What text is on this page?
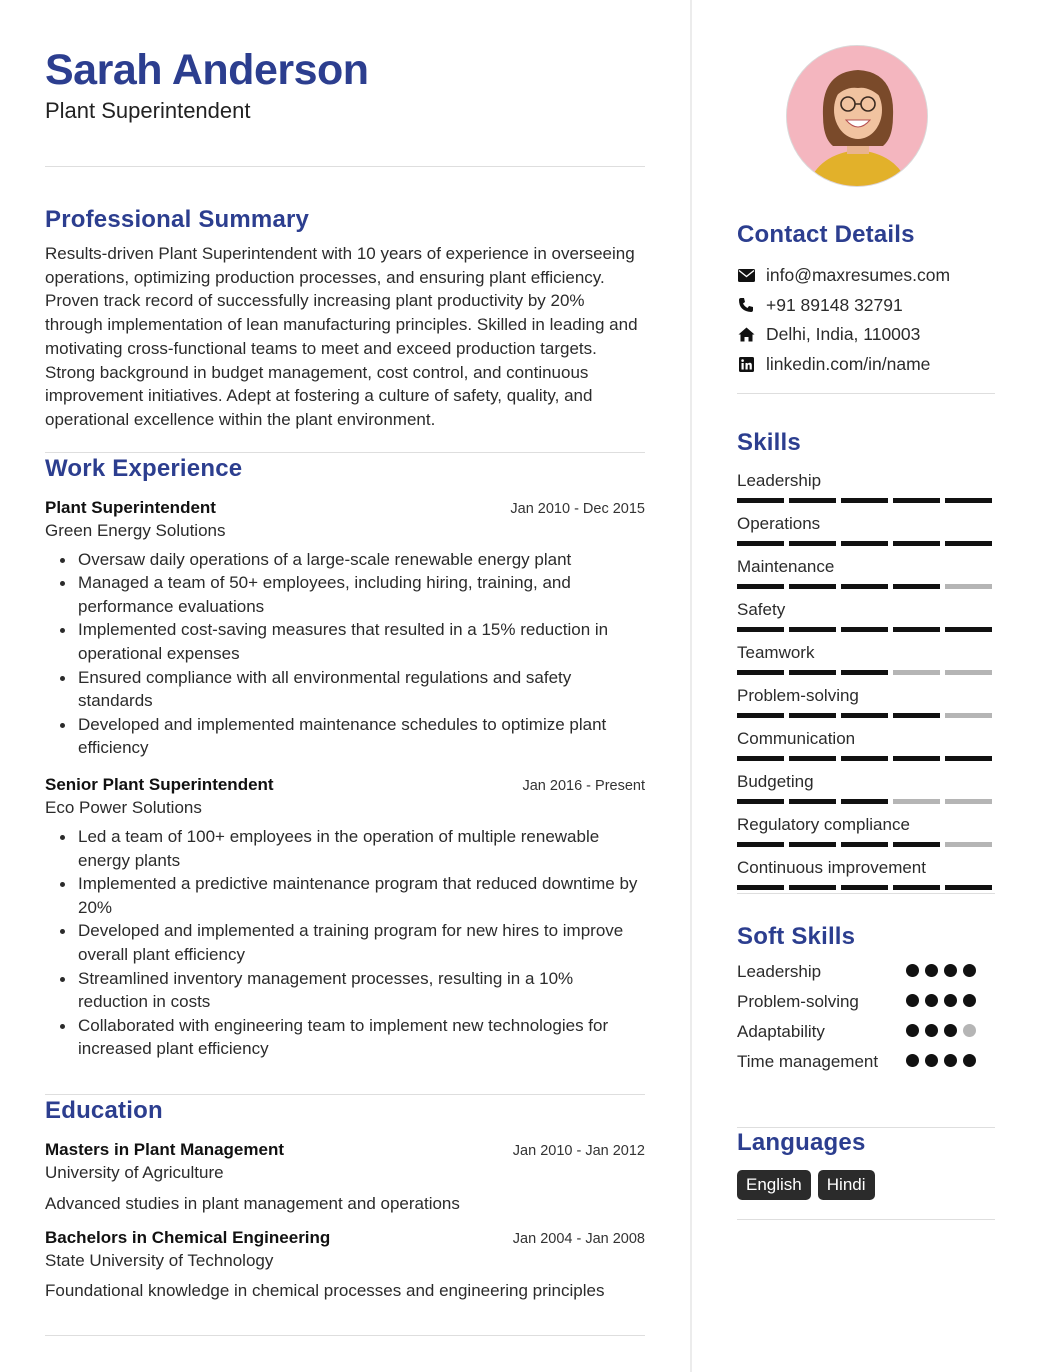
Sarah Anderson
Plant Superintendent
Professional Summary
Results-driven Plant Superintendent with 10 years of experience in overseeing operations, optimizing production processes, and ensuring plant efficiency. Proven track record of successfully increasing plant productivity by 20% through implementation of lean manufacturing principles. Skilled in leading and motivating cross-functional teams to meet and exceed production targets. Strong background in budget management, cost control, and continuous improvement initiatives. Adept at fostering a culture of safety, quality, and operational excellence within the plant environment.
Work Experience
Plant Superintendent	Jan 2010 - Dec 2015
Green Energy Solutions
Oversaw daily operations of a large-scale renewable energy plant
Managed a team of 50+ employees, including hiring, training, and performance evaluations
Implemented cost-saving measures that resulted in a 15% reduction in operational expenses
Ensured compliance with all environmental regulations and safety standards
Developed and implemented maintenance schedules to optimize plant efficiency
Senior Plant Superintendent	Jan 2016 - Present
Eco Power Solutions
Led a team of 100+ employees in the operation of multiple renewable energy plants
Implemented a predictive maintenance program that reduced downtime by 20%
Developed and implemented a training program for new hires to improve overall plant efficiency
Streamlined inventory management processes, resulting in a 10% reduction in costs
Collaborated with engineering team to implement new technologies for increased plant efficiency
Education
Masters in Plant Management	Jan 2010 - Jan 2012
University of Agriculture
Advanced studies in plant management and operations
Bachelors in Chemical Engineering	Jan 2004 - Jan 2008
State University of Technology
Foundational knowledge in chemical processes and engineering principles
Contact Details
info@maxresumes.com
+91 89148 32791
Delhi, India, 110003
linkedin.com/in/name
Skills
Leadership
Operations
Maintenance
Safety
Teamwork
Problem-solving
Communication
Budgeting
Regulatory compliance
Continuous improvement
Soft Skills
Leadership
Problem-solving
Adaptability
Time management
Languages
English	Hindi
